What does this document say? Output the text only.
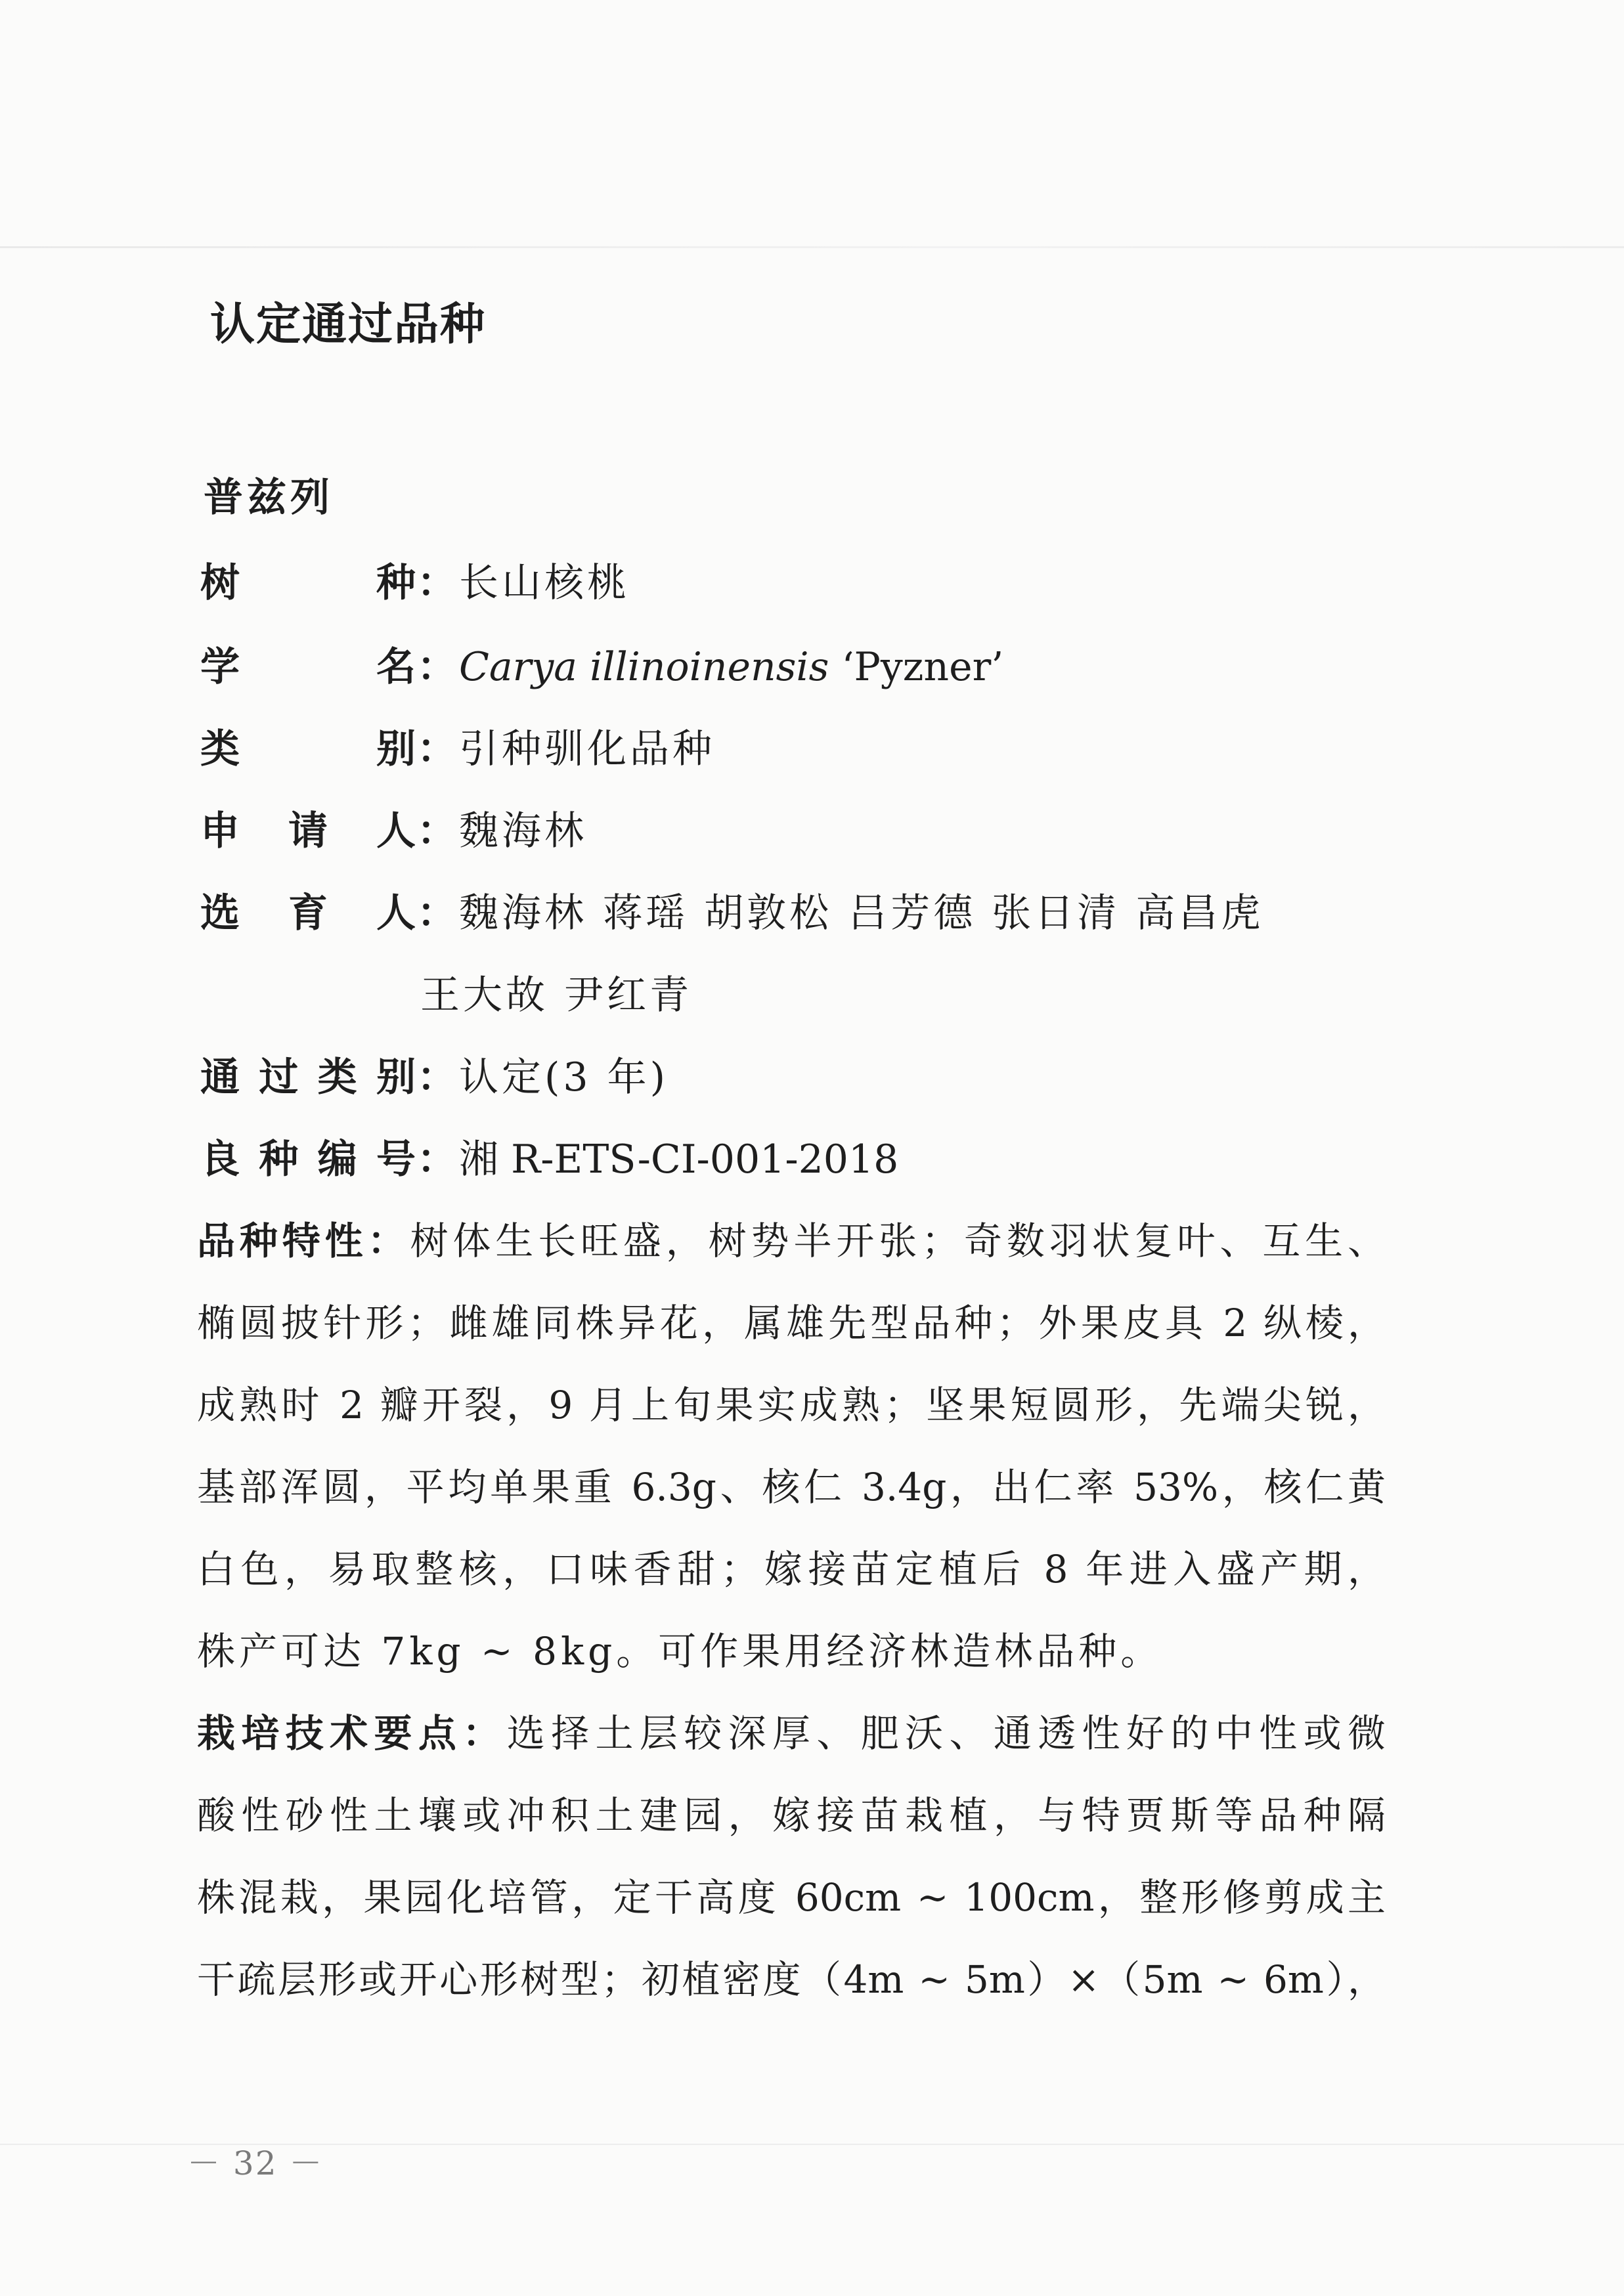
认定通过品种
普兹列
树种 ： 长山核桃
学名 ： Carya illinoinensis ‘Pyzner’
类别 ： 引种驯化品种
申请人 ： 魏海林
选育人 ： 魏海林 蒋瑶 胡敦松 吕芳德 张日清 高昌虎
王大故 尹红青
通过类别 ： 认定(3 年)
良种编号 ： 湘 R-ETS-CI-001-2018
品种特性：树体生长旺盛，树势半开张；奇数羽状复叶、互生、
椭圆披针形；雌雄同株异花，属雄先型品种；外果皮具 2 纵棱，
成熟时 2 瓣开裂，9 月上旬果实成熟；坚果短圆形，先端尖锐，
基部浑圆，平均单果重 6.3g、核仁 3.4g，出仁率 53%，核仁黄
白色，易取整核，口味香甜；嫁接苗定植后 8 年进入盛产期，
株产可达 7kg ~ 8kg。可作果用经济林造林品种。
栽培技术要点：选择土层较深厚、肥沃、通透性好的中性或微
酸性砂性土壤或冲积土建园，嫁接苗栽植，与特贾斯等品种隔
株混栽，果园化培管，定干高度 60cm ~ 100cm，整形修剪成主
干疏层形或开心形树型；初植密度（4m ~ 5m）×（5m ~ 6m），
－ 32 －
